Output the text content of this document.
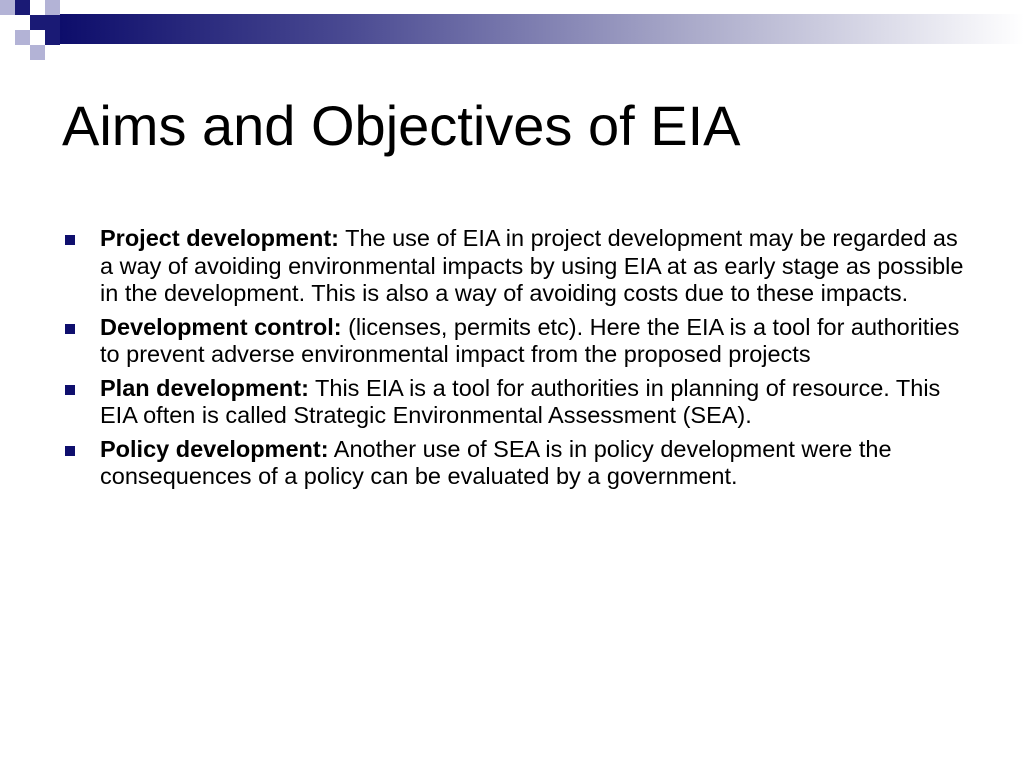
Aims and Objectives of EIA
Project development: The use of EIA in project development may be regarded as a way of avoiding environmental impacts by using EIA at as early stage as possible in the development. This is also a way of avoiding costs due to these impacts.
Development control: (licenses, permits etc). Here the EIA is a tool for authorities to prevent adverse environmental impact from the proposed projects
Plan development: This EIA is a tool for authorities in planning of resource. This EIA often is called Strategic Environmental Assessment (SEA).
Policy development: Another use of SEA is in policy development were the consequences of a policy can be evaluated by a government.
